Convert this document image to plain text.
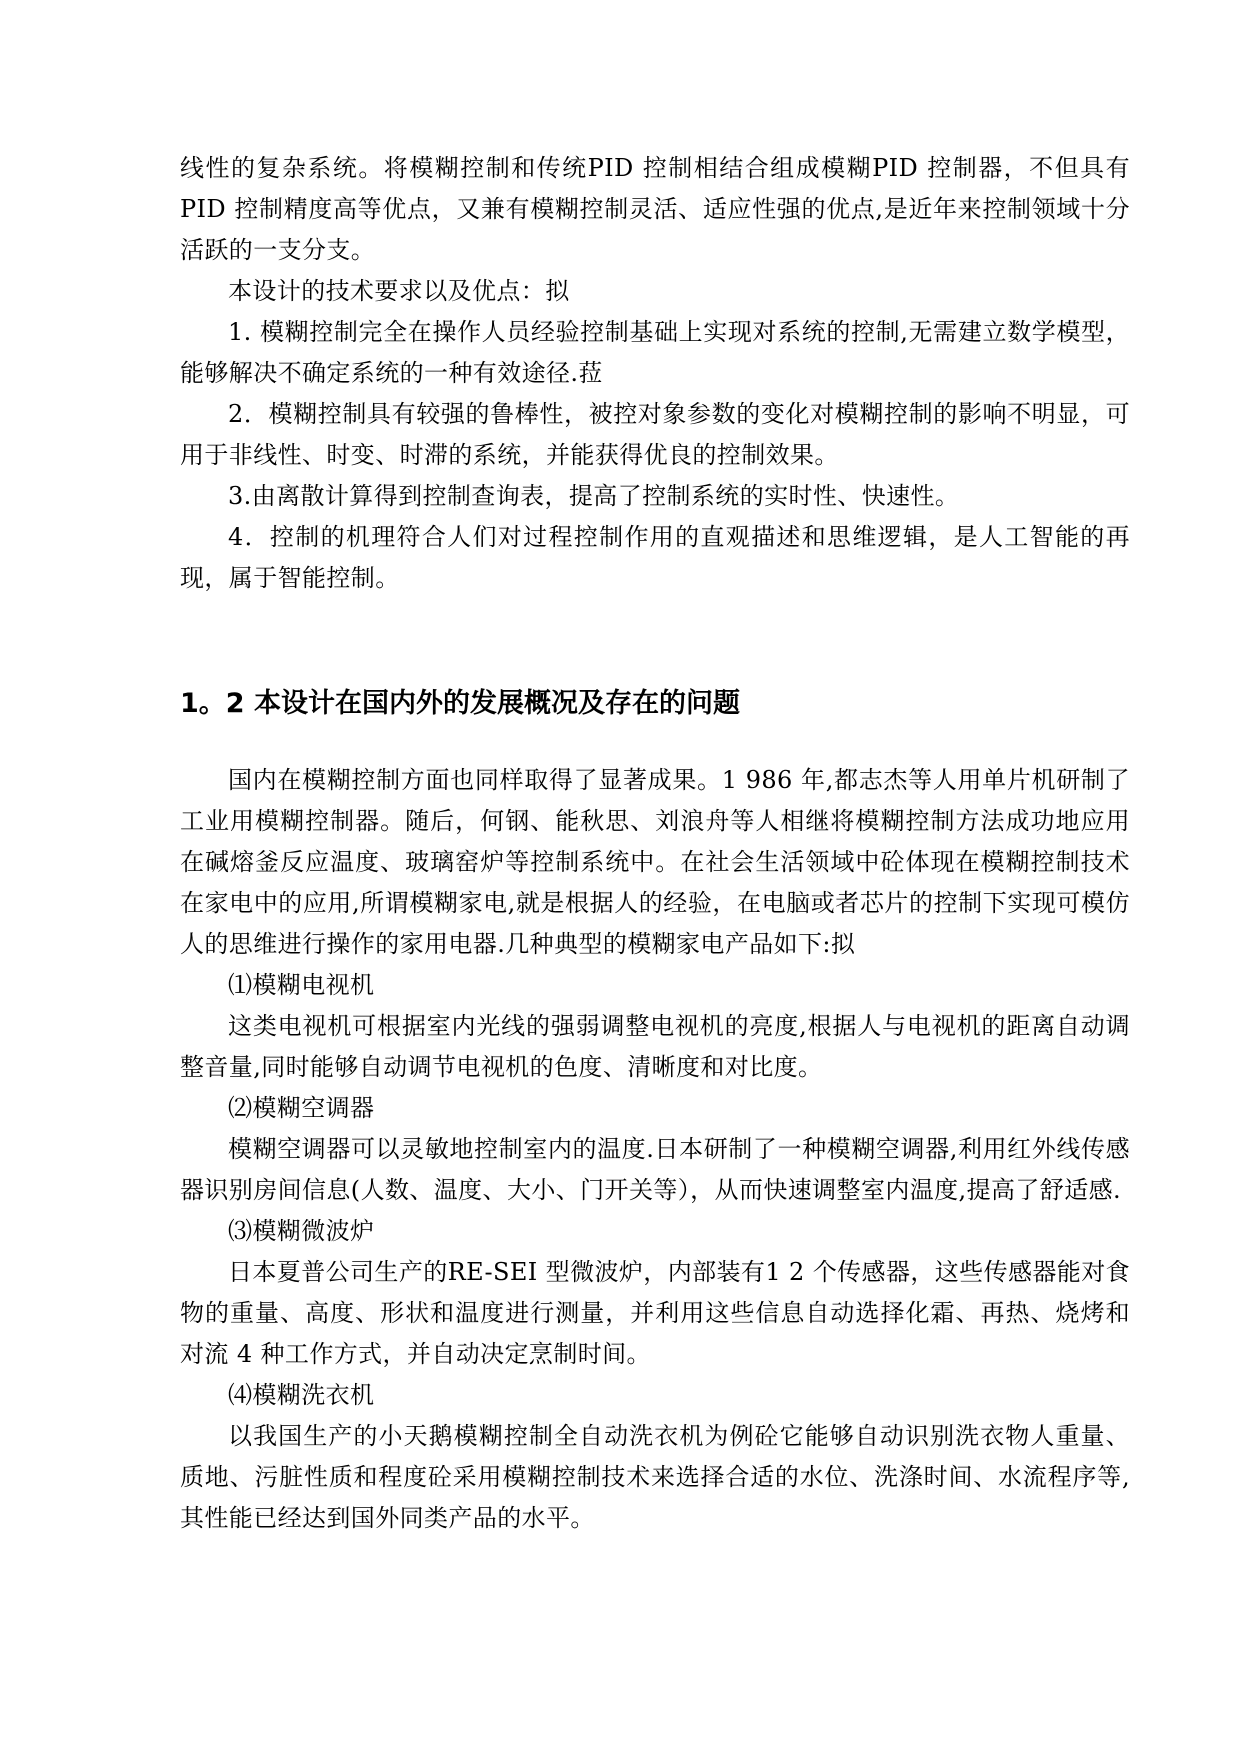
线性的复杂系统。将模糊控制和传统PID 控制相结合组成模糊PID 控制器，不但具有PID 控制精度高等优点，又兼有模糊控制灵活、适应性强的优点,是近年来控制领域十分活跃的一支分支。

本设计的技术要求以及优点：拟

1. 模糊控制完全在操作人员经验控制基础上实现对系统的控制,无需建立数学模型，能够解决不确定系统的一种有效途径.菈

2．模糊控制具有较强的鲁棒性，被控对象参数的变化对模糊控制的影响不明显，可用于非线性、时变、时滞的系统，并能获得优良的控制效果。

3.由离散计算得到控制查询表，提高了控制系统的实时性、快速性。

4．控制的机理符合人们对过程控制作用的直观描述和思维逻辑，是人工智能的再现，属于智能控制。

1。2 本设计在国内外的发展概况及存在的问题

国内在模糊控制方面也同样取得了显著成果。1 986 年,都志杰等人用单片机研制了工业用模糊控制器。随后，何钢、能秋思、刘浪舟等人相继将模糊控制方法成功地应用在碱熔釜反应温度、玻璃窑炉等控制系统中。在社会生活领域中砼体现在模糊控制技术在家电中的应用,所谓模糊家电,就是根据人的经验，在电脑或者芯片的控制下实现可模仿人的思维进行操作的家用电器.几种典型的模糊家电产品如下:拟

⑴模糊电视机

这类电视机可根据室内光线的强弱调整电视机的亮度,根据人与电视机的距离自动调整音量,同时能够自动调节电视机的色度、清晰度和对比度。

⑵模糊空调器

模糊空调器可以灵敏地控制室内的温度.日本研制了一种模糊空调器,利用红外线传感器识别房间信息(人数、温度、大小、门开关等），从而快速调整室内温度,提高了舒适感.

⑶模糊微波炉

日本夏普公司生产的RE-SEI 型微波炉，内部装有1 2 个传感器，这些传感器能对食物的重量、高度、形状和温度进行测量，并利用这些信息自动选择化霜、再热、烧烤和对流 4 种工作方式，并自动决定烹制时间。

⑷模糊洗衣机

以我国生产的小天鹅模糊控制全自动洗衣机为例砼它能够自动识别洗衣物人重量、质地、污脏性质和程度砼采用模糊控制技术来选择合适的水位、洗涤时间、水流程序等,其性能已经达到国外同类产品的水平。
